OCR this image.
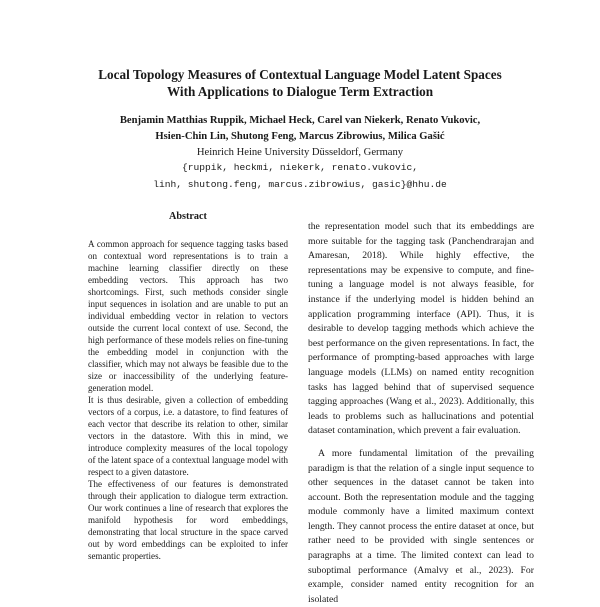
Local Topology Measures of Contextual Language Model Latent Spaces
With Applications to Dialogue Term Extraction
Benjamin Matthias Ruppik, Michael Heck, Carel van Niekerk, Renato Vukovic,
Hsien-Chin Lin, Shutong Feng, Marcus Zibrowius, Milica Gašić
Heinrich Heine University Düsseldorf, Germany
{ruppik, heckmi, niekerk, renato.vukovic,
linh, shutong.feng, marcus.zibrowius, gasic}@hhu.de
Abstract

A common approach for sequence tagging tasks based on contextual word representations is to train a machine learning classifier directly on these embedding vectors. This approach has two shortcomings. First, such methods consider single input sequences in isolation and are unable to put an individual embedding vector in relation to vectors outside the current local context of use. Second, the high performance of these models relies on fine-tuning the embedding model in conjunction with the classifier, which may not always be feasible due to the size or inaccessibility of the underlying feature-generation model.

It is thus desirable, given a collection of embedding vectors of a corpus, i.e. a datastore, to find features of each vector that describe its relation to other, similar vectors in the datastore. With this in mind, we introduce complexity measures of the local topology of the latent space of a contextual language model with respect to a given datastore.

The effectiveness of our features is demonstrated through their application to dialogue term extraction. Our work continues a line of research that explores the manifold hypothesis for word embeddings, demonstrating that local structure in the space carved out by word embeddings can be exploited to infer semantic properties.

the representation model such that its embeddings are more suitable for the tagging task (Panchendrarajan and Amaresan, 2018). While highly effective, the representations may be expensive to compute, and fine-tuning a language model is not always feasible, for instance if the underlying model is hidden behind an application programming interface (API). Thus, it is desirable to develop tagging methods which achieve the best performance on the given representations. In fact, the performance of prompting-based approaches with large language models (LLMs) on named entity recognition tasks has lagged behind that of supervised sequence tagging approaches (Wang et al., 2023). Additionally, this leads to problems such as hallucinations and potential dataset contamination, which prevent a fair evaluation.

A more fundamental limitation of the prevailing paradigm is that the relation of a single input sequence to other sequences in the dataset cannot be taken into account. Both the representation module and the tagging module commonly have a limited maximum context length. They cannot process the entire dataset at once, but rather need to be provided with single sentences or paragraphs at a time. The limited context can lead to suboptimal performance (Amalvy et al., 2023). For example, consider named entity recognition for an isolated
